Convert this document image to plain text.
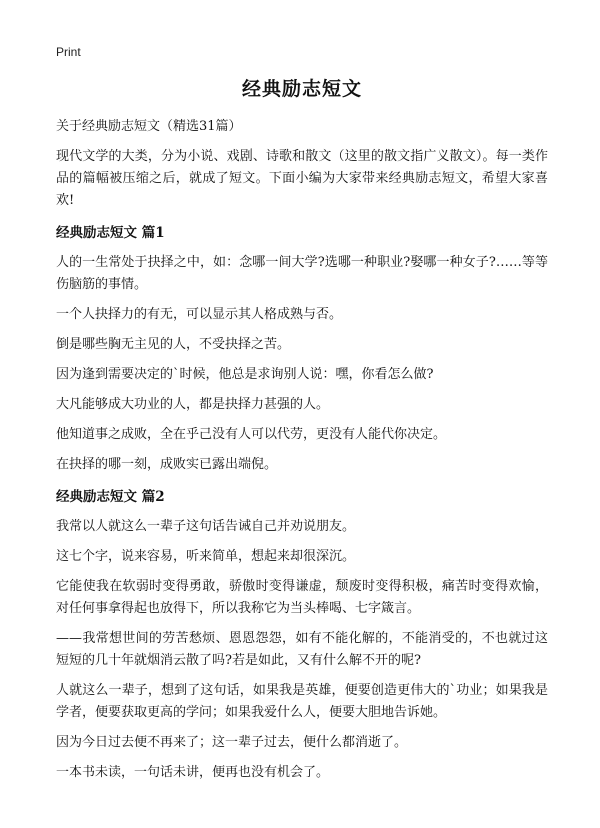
Print
经典励志短文
关于经典励志短文（精选31篇）

现代文学的大类，分为小说、戏剧、诗歌和散文（这里的散文指广义散文）。每一类作品的篇幅被压缩之后，就成了短文。下面小编为大家带来经典励志短文，希望大家喜欢!

经典励志短文 篇1

人的一生常处于抉择之中，如：念哪一间大学?选哪一种职业?娶哪一种女子?……等等伤脑筋的事情。

一个人抉择力的有无，可以显示其人格成熟与否。

倒是哪些胸无主见的人，不受抉择之苦。

因为逢到需要决定的`时候，他总是求询别人说：嘿，你看怎么做?

大凡能够成大功业的人，都是抉择力甚强的人。

他知道事之成败，全在乎己没有人可以代劳，更没有人能代你决定。

在抉择的哪一刻，成败实已露出端倪。

经典励志短文 篇2

我常以人就这么一辈子这句话告诫自己并劝说朋友。

这七个字，说来容易，听来简单，想起来却很深沉。

它能使我在软弱时变得勇敢，骄傲时变得谦虚，颓废时变得积极，痛苦时变得欢愉，对任何事拿得起也放得下，所以我称它为当头棒喝、七字箴言。

——我常想世间的劳苦愁烦、恩恩怨怨，如有不能化解的，不能消受的，不也就过这短短的几十年就烟消云散了吗?若是如此，又有什么解不开的呢?

人就这么一辈子，想到了这句话，如果我是英雄，便要创造更伟大的`功业；如果我是学者，便要获取更高的学问；如果我爱什么人，便要大胆地告诉她。

因为今日过去便不再来了；这一辈子过去，便什么都消逝了。

一本书未读，一句话未讲，便再也没有机会了。
